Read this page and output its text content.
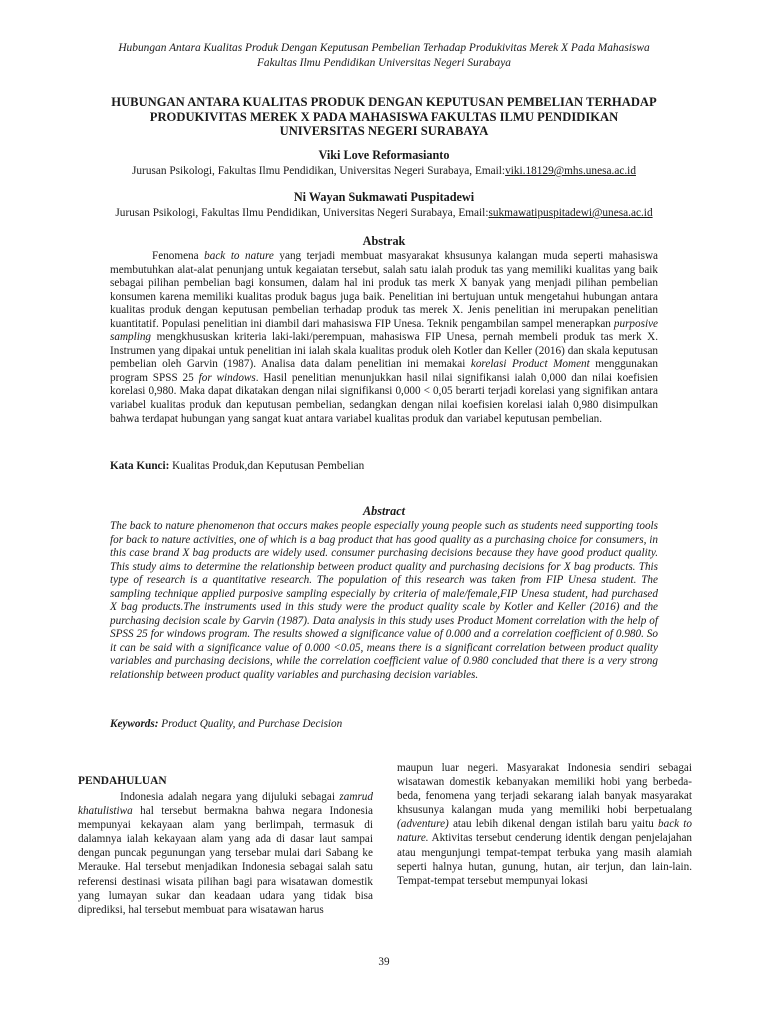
Hubungan Antara Kualitas Produk Dengan Keputusan Pembelian Terhadap Produkivitas Merek X Pada Mahasiswa
Fakultas Ilmu Pendidikan Universitas Negeri Surabaya
HUBUNGAN ANTARA KUALITAS PRODUK DENGAN KEPUTUSAN PEMBELIAN TERHADAP
PRODUKIVITAS MEREK X PADA MAHASISWA FAKULTAS ILMU PENDIDIKAN
UNIVERSITAS NEGERI SURABAYA
Viki Love Reformasianto
Jurusan Psikologi, Fakultas Ilmu Pendidikan, Universitas Negeri Surabaya, Email:viki.18129@mhs.unesa.ac.id
Ni Wayan Sukmawati Puspitadewi
Jurusan Psikologi, Fakultas Ilmu Pendidikan, Universitas Negeri Surabaya, Email:sukmawatipuspitadewi@unesa.ac.id
Abstrak

Fenomena back to nature yang terjadi membuat masyarakat khsusunya kalangan muda seperti mahasiswa membutuhkan alat-alat penunjang untuk kegaiatan tersebut, salah satu ialah produk tas yang memiliki kualitas yang baik sebagai pilihan pembelian bagi konsumen, dalam hal ini produk tas merk X banyak yang menjadi pilihan pembelian konsumen karena memiliki kualitas produk bagus juga baik. Penelitian ini bertujuan untuk mengetahui hubungan antara kualitas produk dengan keputusan pembelian terhadap produk tas merek X. Jenis penelitian ini merupakan penelitian kuantitatif. Populasi penelitian ini diambil dari mahasiswa FIP Unesa. Teknik pengambilan sampel menerapkan purposive sampling mengkhususkan kriteria laki-laki/perempuan, mahasiswa FIP Unesa, pernah membeli produk tas merk X. Instrumen yang dipakai untuk penelitian ini ialah skala kualitas produk oleh Kotler dan Keller (2016) dan skala keputusan pembelian oleh Garvin (1987). Analisa data dalam penelitian ini memakai korelasi Product Moment menggunakan program SPSS 25 for windows. Hasil penelitian menunjukkan hasil nilai signifikansi ialah 0,000 dan nilai koefisien korelasi 0,980. Maka dapat dikatakan dengan nilai signifikansi 0,000 < 0,05 berarti terjadi korelasi yang signifikan antara variabel kualitas produk dan keputusan pembelian, sedangkan dengan nilai koefisien korelasi ialah 0,980 disimpulkan bahwa terdapat hubungan yang sangat kuat antara variabel kualitas produk dan variabel keputusan pembelian.

Kata Kunci: Kualitas Produk,dan Keputusan Pembelian
Abstract

The back to nature phenomenon that occurs makes people especially young people such as students need supporting tools for back to nature activities, one of which is a bag product that has good quality as a purchasing choice for consumers, in this case brand X bag products are widely used. consumer purchasing decisions because they have good product quality. This study aims to determine the relationship between product quality and purchasing decisions for X bag products. This type of research is a quantitative research. The population of this research was taken from FIP Unesa student. The sampling technique applied purposive sampling especially by criteria of male/female,FIP Unesa student, had purchased X bag products.The instruments used in this study were the product quality scale by Kotler and Keller (2016) and the purchasing decision scale by Garvin (1987). Data analysis in this study uses Product Moment correlation with the help of SPSS 25 for windows program. The results showed a significance value of 0.000 and a correlation coefficient of 0.980. So it can be said with a significance value of 0.000 <0.05, means there is a significant correlation between product quality variables and purchasing decisions, while the correlation coefficient value of 0.980 concluded that there is a very strong relationship between product quality variables and purchasing decision variables.

Keywords: Product Quality, and Purchase Decision
PENDAHULUAN

Indonesia adalah negara yang dijuluki sebagai zamrud khatulistiwa hal tersebut bermakna bahwa negara Indonesia mempunyai kekayaan alam yang berlimpah, termasuk di dalamnya ialah kekayaan alam yang ada di dasar laut sampai dengan puncak pegunungan yang tersebar mulai dari Sabang ke Merauke. Hal tersebut menjadikan Indonesia sebagai salah satu referensi destinasi wisata pilihan bagi para wisatawan domestik yang lumayan sukar dan keadaan udara yang tidak bisa diprediksi, hal tersebut membuat para wisatawan harus

maupun luar negeri. Masyarakat Indonesia sendiri sebagai wisatawan domestik kebanyakan memiliki hobi yang berbeda-beda, fenomena yang terjadi sekarang ialah banyak masyarakat khsusunya kalangan muda yang memiliki hobi berpetualang (adventure) atau lebih dikenal dengan istilah baru yaitu back to nature. Aktivitas tersebut cenderung identik dengan penjelajahan atau mengunjungi tempat-tempat terbuka yang masih alamiah seperti halnya hutan, gunung, hutan, air terjun, dan lain-lain. Tempat-tempat tersebut mempunyai lokasi

39
